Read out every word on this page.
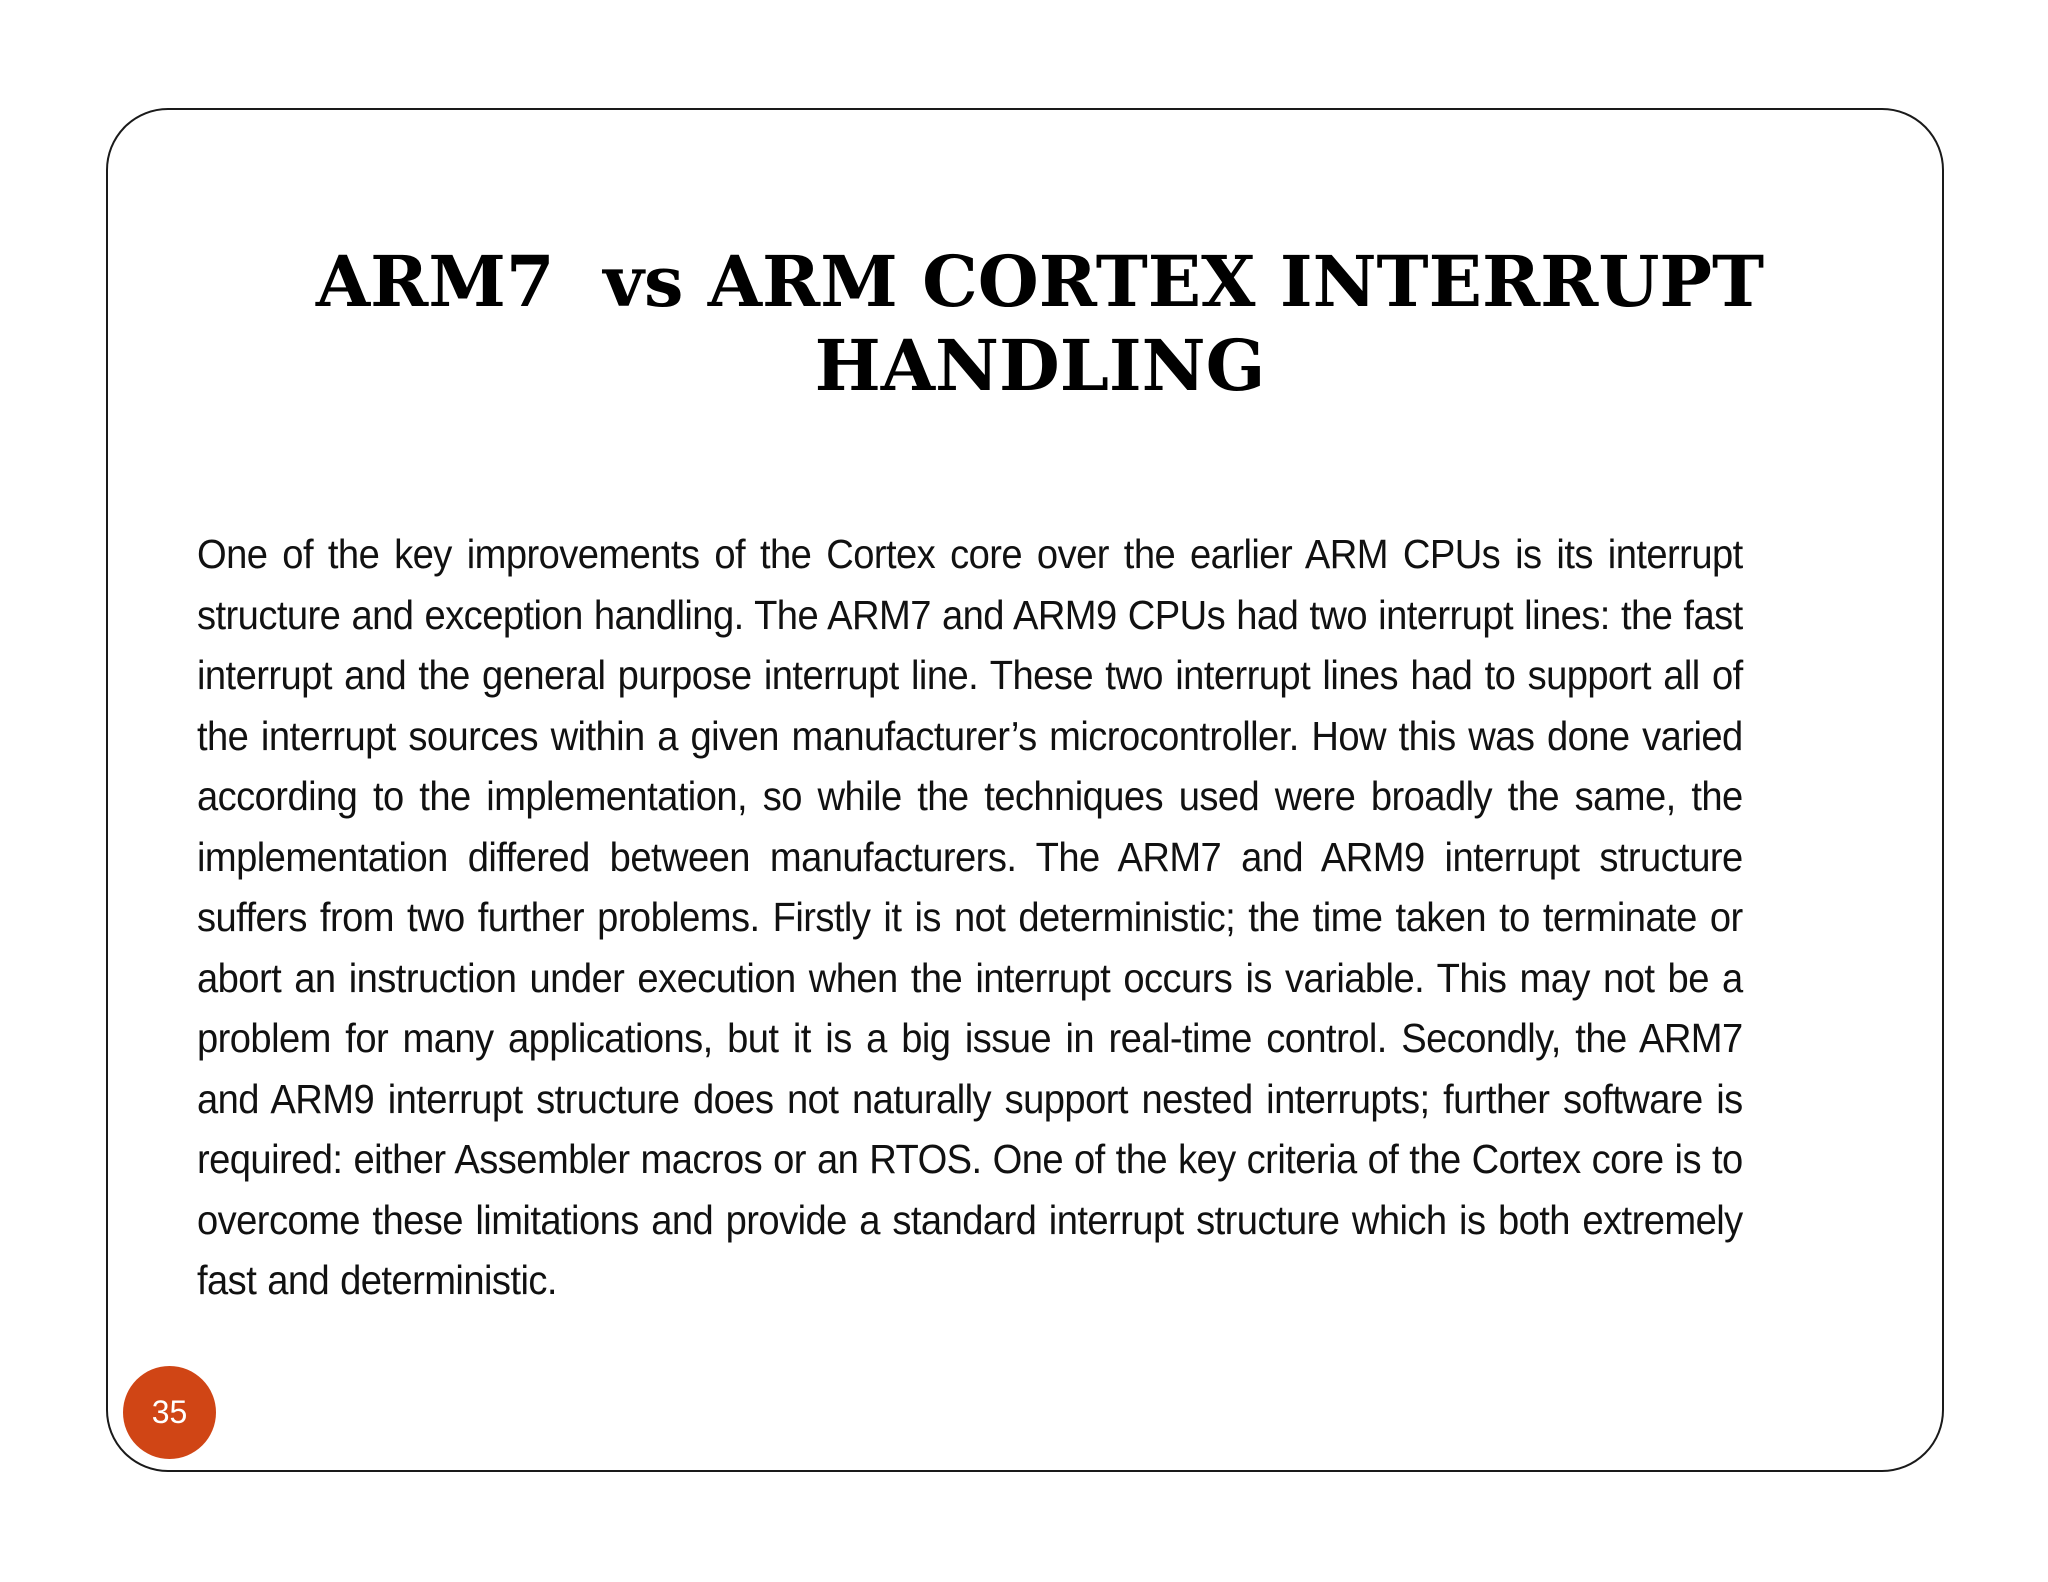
ARM7  vs ARM CORTEX INTERRUPT
HANDLING

One of the key improvements of the Cortex core over the earlier ARM CPUs is its interrupt structure and exception handling. The ARM7 and ARM9 CPUs had two interrupt lines: the fast interrupt and the general purpose interrupt line. These two interrupt lines had to support all of the interrupt sources within a given manufacturer’s microcontroller. How this was done varied according to the implementation, so while the techniques used were broadly the same, the implementation differed between manufacturers. The ARM7 and ARM9 interrupt structure suffers from two further problems. Firstly it is not deterministic; the time taken to terminate or abort an instruction under execution when the interrupt occurs is variable. This may not be a problem for many applications, but it is a big issue in real-time control. Secondly, the ARM7 and ARM9 interrupt structure does not naturally support nested interrupts; further software is required: either Assembler macros or an RTOS. One of the key criteria of the Cortex core is to overcome these limitations and provide a standard interrupt structure which is both extremely fast and deterministic.

35
